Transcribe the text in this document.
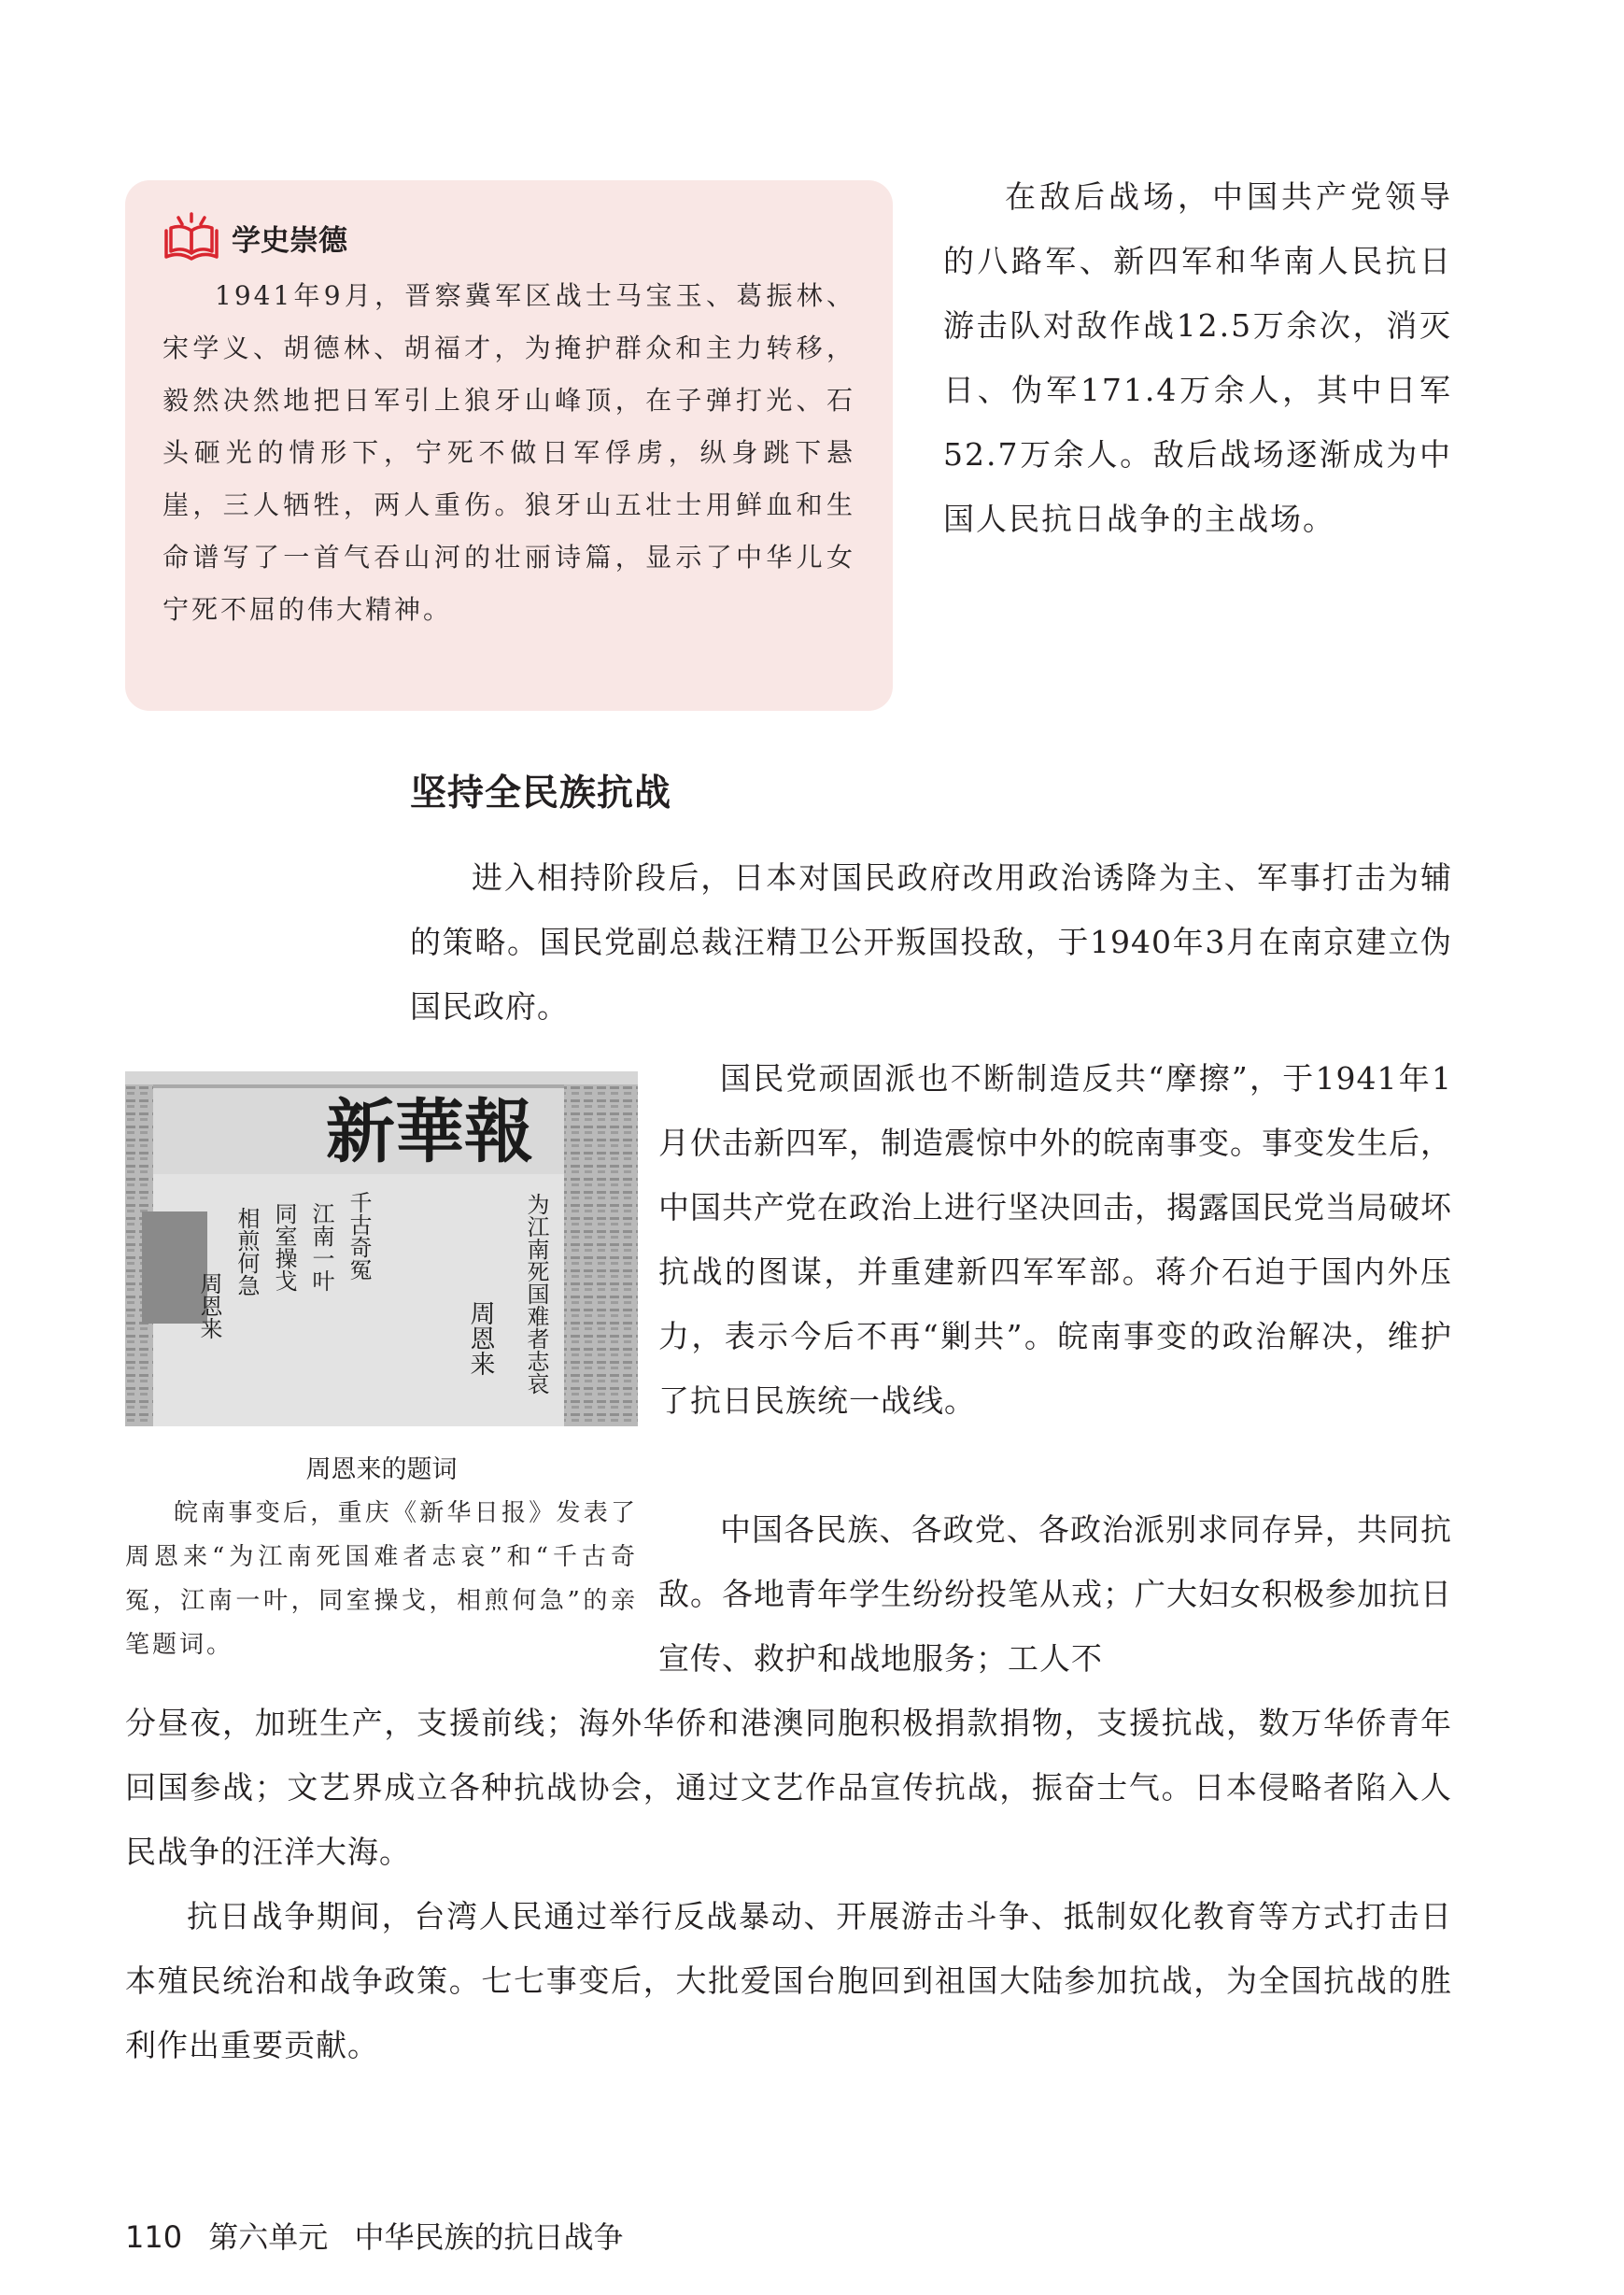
学史崇德

1941年9月，晋察冀军区战士马宝玉、葛振林、宋学义、胡德林、胡福才，为掩护群众和主力转移，毅然决然地把日军引上狼牙山峰顶，在子弹打光、石头砸光的情形下，宁死不做日军俘虏，纵身跳下悬崖，三人牺牲，两人重伤。狼牙山五壮士用鲜血和生命谱写了一首气吞山河的壮丽诗篇，显示了中华儿女宁死不屈的伟大精神。

在敌后战场，中国共产党领导的八路军、新四军和华南人民抗日游击队对敌作战12.5万余次，消灭日、伪军171.4万余人，其中日军52.7万余人。敌后战场逐渐成为中国人民抗日战争的主战场。

坚持全民族抗战

进入相持阶段后，日本对国民政府改用政治诱降为主、军事打击为辅的策略。国民党副总裁汪精卫公开叛国投敌，于1940年3月在南京建立伪国民政府。

新華報
为江南死国难者志哀
周恩来
千古奇冤
江南一叶
同室操戈
相煎何急
周恩来
周恩来的题词

皖南事变后，重庆《新华日报》发表了周恩来“为江南死国难者志哀”和“千古奇冤，江南一叶，同室操戈，相煎何急”的亲笔题词。

国民党顽固派也不断制造反共“摩擦”，于1941年1月伏击新四军，制造震惊中外的皖南事变。事变发生后，中国共产党在政治上进行坚决回击，揭露国民党当局破坏抗战的图谋，并重建新四军军部。蒋介石迫于国内外压力，表示今后不再“剿共”。皖南事变的政治解决，维护了抗日民族统一战线。

中国各民族、各政党、各政治派别求同存异，共同抗敌。各地青年学生纷纷投笔从戎；广大妇女积极参加抗日宣传、救护和战地服务；工人不

分昼夜，加班生产，支援前线；海外华侨和港澳同胞积极捐款捐物，支援抗战，数万华侨青年回国参战；文艺界成立各种抗战协会，通过文艺作品宣传抗战，振奋士气。日本侵略者陷入人民战争的汪洋大海。

抗日战争期间，台湾人民通过举行反战暴动、开展游击斗争、抵制奴化教育等方式打击日本殖民统治和战争政策。七七事变后，大批爱国台胞回到祖国大陆参加抗战，为全国抗战的胜利作出重要贡献。

110 第六单元 中华民族的抗日战争
